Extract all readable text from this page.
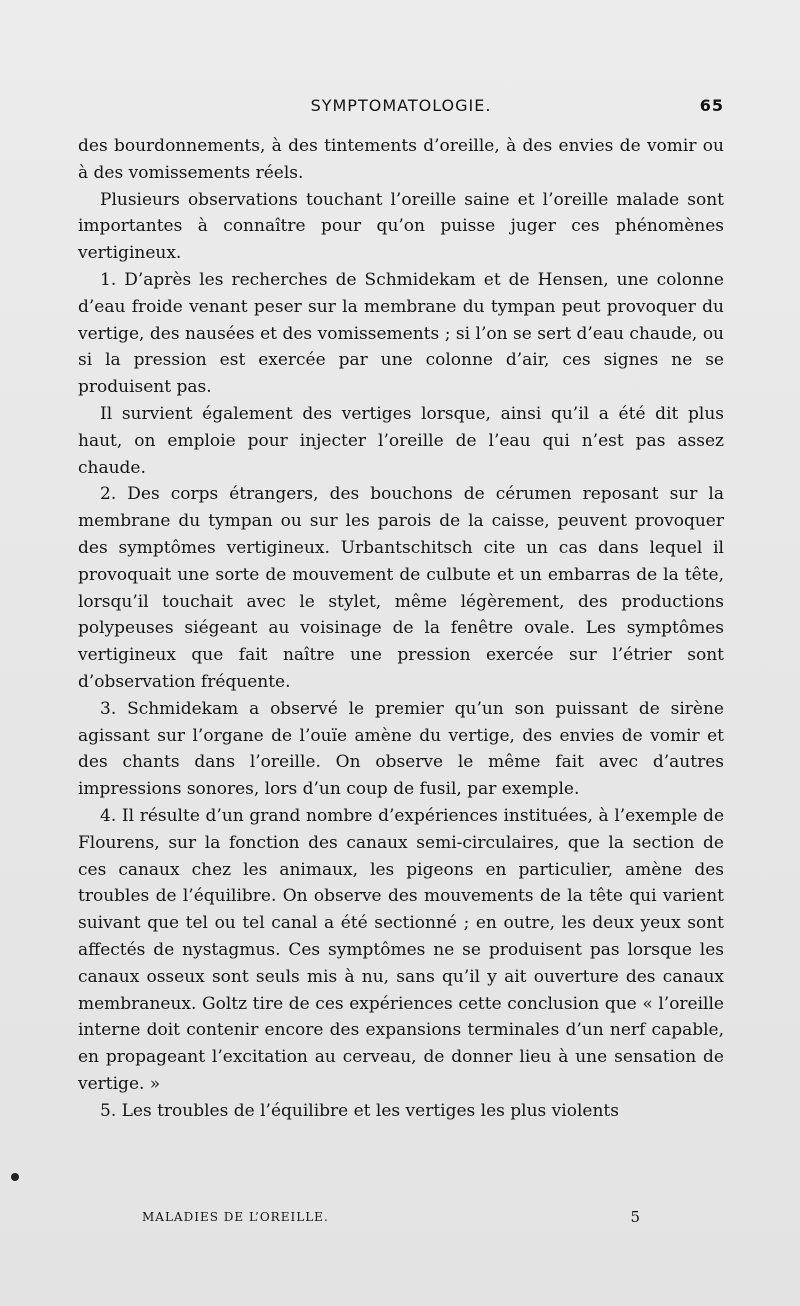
SYMPTOMATOLOGIE.	65

des bourdonnements, à des tintements d’oreille, à des envies de vomir ou à des vomissements réels.

Plusieurs observations touchant l’oreille saine et l’oreille malade sont importantes à connaître pour qu’on puisse juger ces phénomènes vertigineux.

1. D’après les recherches de Schmidekam et de Hensen, une colonne d’eau froide venant peser sur la membrane du tympan peut provoquer du vertige, des nausées et des vomissements ; si l’on se sert d’eau chaude, ou si la pression est exercée par une colonne d’air, ces signes ne se produisent pas.

Il survient également des vertiges lorsque, ainsi qu’il a été dit plus haut, on emploie pour injecter l’oreille de l’eau qui n’est pas assez chaude.

2. Des corps étrangers, des bouchons de cérumen reposant sur la membrane du tympan ou sur les parois de la caisse, peuvent provoquer des symptômes vertigineux. Urbantschitsch cite un cas dans lequel il provoquait une sorte de mouvement de culbute et un embarras de la tête, lorsqu’il touchait avec le stylet, même légèrement, des productions polypeuses siégeant au voisinage de la fenêtre ovale. Les symptômes vertigineux que fait naître une pression exercée sur l’étrier sont d’observation fréquente.

3. Schmidekam a observé le premier qu’un son puissant de sirène agissant sur l’organe de l’ouïe amène du vertige, des envies de vomir et des chants dans l’oreille. On observe le même fait avec d’autres impressions sonores, lors d’un coup de fusil, par exemple.

4. Il résulte d’un grand nombre d’expériences instituées, à l’exemple de Flourens, sur la fonction des canaux semi-circulaires, que la section de ces canaux chez les animaux, les pigeons en particulier, amène des troubles de l’équilibre. On observe des mouvements de la tête qui varient suivant que tel ou tel canal a été sectionné ; en outre, les deux yeux sont affectés de nystagmus. Ces symptômes ne se produisent pas lorsque les canaux osseux sont seuls mis à nu, sans qu’il y ait ouverture des canaux membraneux. Goltz tire de ces expériences cette conclusion que « l’oreille interne doit contenir encore des expansions terminales d’un nerf capable, en propageant l’excitation au cerveau, de donner lieu à une sensation de vertige. »

5. Les troubles de l’équilibre et les vertiges les plus violents

MALADIES DE L’OREILLE.	5
